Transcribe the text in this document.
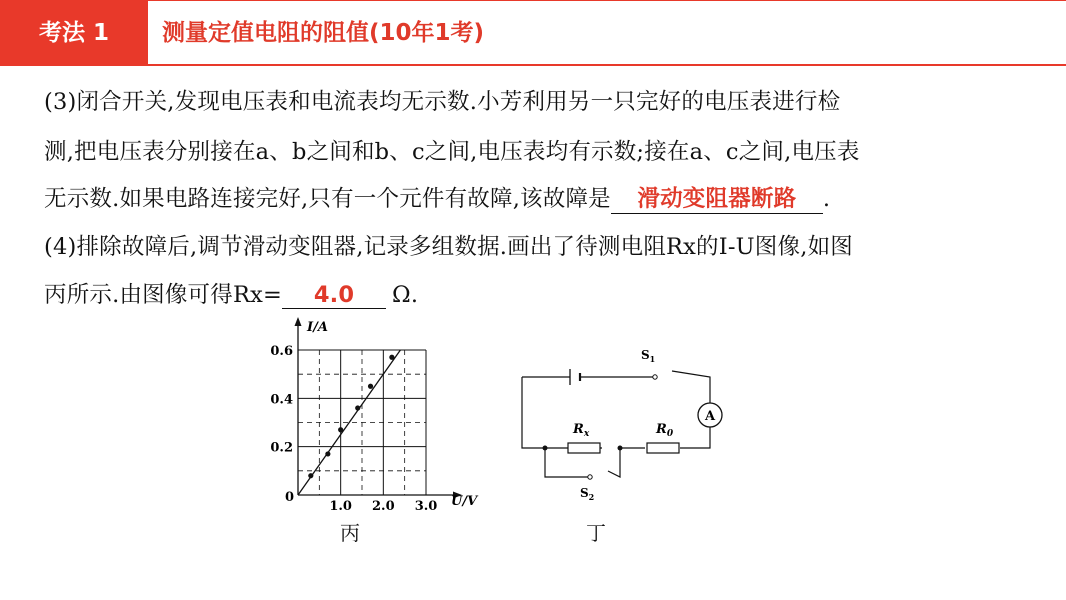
考法 1	测量定值电阻的阻值(10年1考)
(3)闭合开关,发现电压表和电流表均无示数.小芳利用另一只完好的电压表进行检
测,把电压表分别接在a、b之间和b、c之间,电压表均有示数;接在a、c之间,电压表
无示数.如果电路连接完好,只有一个元件有故障,该故障是 滑动变阻器断路 .
(4)排除故障后,调节滑动变阻器,记录多组数据.画出了待测电阻Rx的I-U图像,如图
丙所示.由图像可得Rx= 4.0 Ω.
I/A
U/V
0
0.2
0.4
0.6
1.0 2.0 3.0
丙
A
$S_1$
$S_2$
$R_x$	$R_0$
丁
